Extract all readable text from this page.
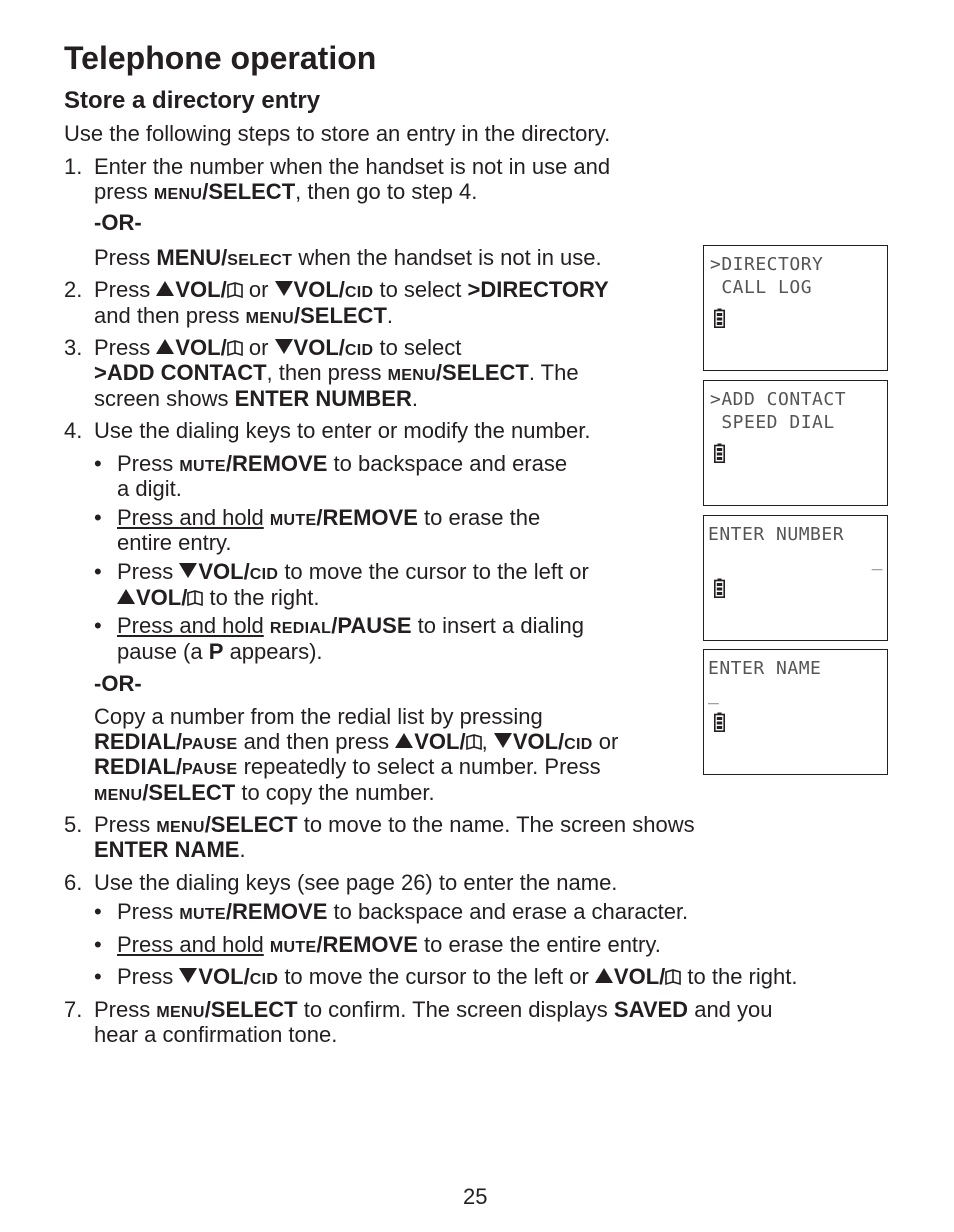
Telephone operation
Store a directory entry
Use the following steps to store an entry in the directory.
1. Enter the number when the handset is not in use and
press MENU/SELECT, then go to step 4.
-OR-
Press MENU/SELECT when the handset is not in use.
2. Press VOL/ or VOL/CID to select >DIRECTORY
and then press MENU/SELECT.
3. Press VOL/ or VOL/CID to select
>ADD CONTACT, then press MENU/SELECT. The
screen shows ENTER NUMBER.
4. Use the dialing keys to enter or modify the number.
• Press MUTE/REMOVE to backspace and erase
a digit.
• Press and hold MUTE/REMOVE to erase the
entire entry.
• Press VOL/CID to move the cursor to the left or
VOL/ to the right.
• Press and hold REDIAL/PAUSE to insert a dialing
pause (a P appears).
-OR-
Copy a number from the redial list by pressing
REDIAL/PAUSE and then press VOL/ , VOL/CID or
REDIAL/PAUSE repeatedly to select a number. Press
MENU/SELECT to copy the number.
5. Press MENU/SELECT to move to the name. The screen shows
ENTER NAME.
6. Use the dialing keys (see page 26) to enter the name.
• Press MUTE/REMOVE to backspace and erase a character.
• Press and hold MUTE/REMOVE to erase the entire entry.
• Press VOL/CID to move the cursor to the left or VOL/ to the right.
7. Press MENU/SELECT to confirm. The screen displays SAVED and you
hear a confirmation tone.
>DIRECTORY
CALL LOG
>ADD CONTACT
SPEED DIAL
ENTER NUMBER
_
ENTER NAME
_
25
